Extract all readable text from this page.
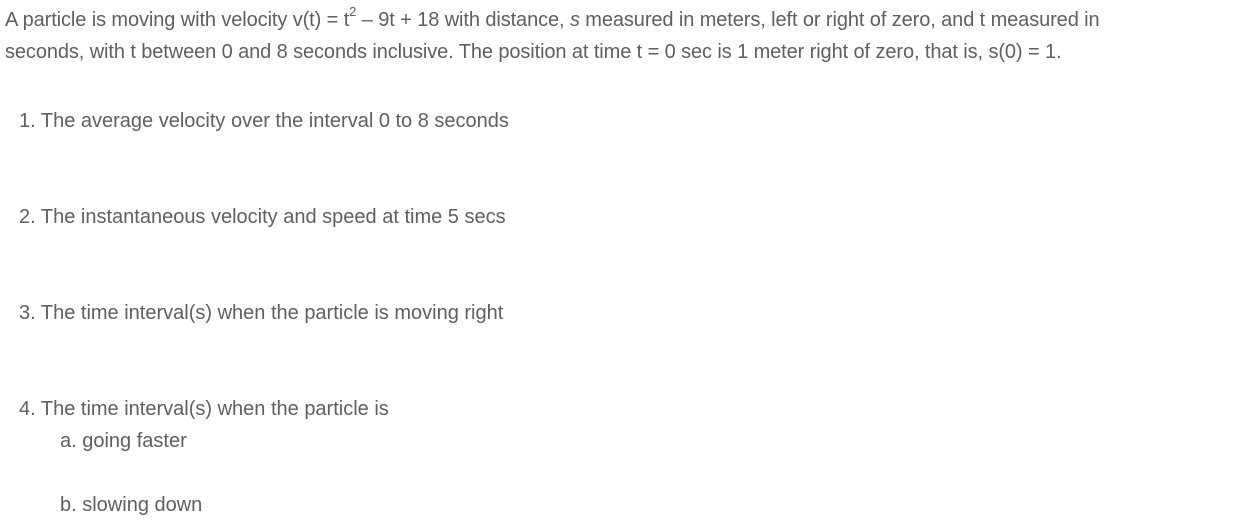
A particle is moving with velocity $v(t) = t^2 - 9t + 18$ with distance, s measured in meters, left or right of zero, and t measured in
seconds, with t between 0 and 8 seconds inclusive. The position at time t = 0 sec is 1 meter right of zero, that is, s(0) = 1.
1. The average velocity over the interval 0 to 8 seconds
2. The instantaneous velocity and speed at time 5 secs
3. The time interval(s) when the particle is moving right
4. The time interval(s) when the particle is
a. going faster
b. slowing down
